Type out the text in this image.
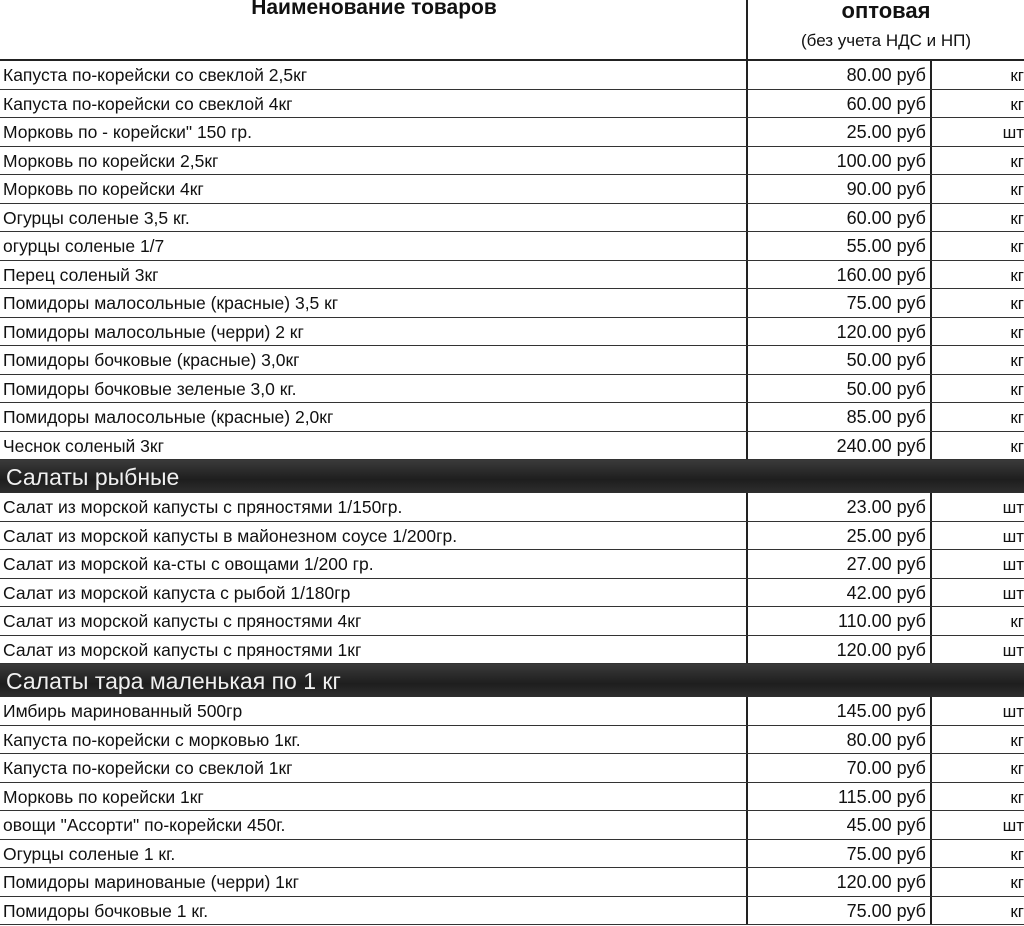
Наименование товаров	оптовая
(без учета НДС и НП)
Капуста по-корейски со свеклой 2,5кг	80.00 руб	кг
Капуста по-корейски со свеклой 4кг	60.00 руб	кг
Морковь по - корейски" 150 гр.	25.00 руб	шт
Морковь по корейски 2,5кг	100.00 руб	кг
Морковь по корейски 4кг	90.00 руб	кг
Огурцы соленые 3,5 кг.	60.00 руб	кг
огурцы соленые 1/7	55.00 руб	кг
Перец соленый 3кг	160.00 руб	кг
Помидоры малосольные (красные) 3,5 кг	75.00 руб	кг
Помидоры малосольные (черри) 2 кг	120.00 руб	кг
Помидоры бочковые (красные) 3,0кг	50.00 руб	кг
Помидоры бочковые зеленые 3,0 кг.	50.00 руб	кг
Помидоры малосольные (красные) 2,0кг	85.00 руб	кг
Чеснок соленый 3кг	240.00 руб	кг
Салаты рыбные
Салат из морской капусты с пряностями 1/150гр.	23.00 руб	шт
Салат из морской капусты в майонезном соусе 1/200гр.	25.00 руб	шт
Салат из морской ка-сты с овощами 1/200 гр.	27.00 руб	шт
Салат из морской капуста с рыбой 1/180гр	42.00 руб	шт
Салат из морской капусты с пряностями 4кг	110.00 руб	кг
Салат из морской капусты с пряностями 1кг	120.00 руб	шт
Салаты тара маленькая по 1 кг
Имбирь маринованный 500гр	145.00 руб	шт
Капуста по-корейски с морковью 1кг.	80.00 руб	кг
Капуста по-корейски со свеклой 1кг	70.00 руб	кг
Морковь по корейски 1кг	115.00 руб	кг
овощи "Ассорти" по-корейски 450г.	45.00 руб	шт
Огурцы соленые 1 кг.	75.00 руб	кг
Помидоры маринованые (черри) 1кг	120.00 руб	кг
Помидоры бочковые 1 кг.	75.00 руб	кг
